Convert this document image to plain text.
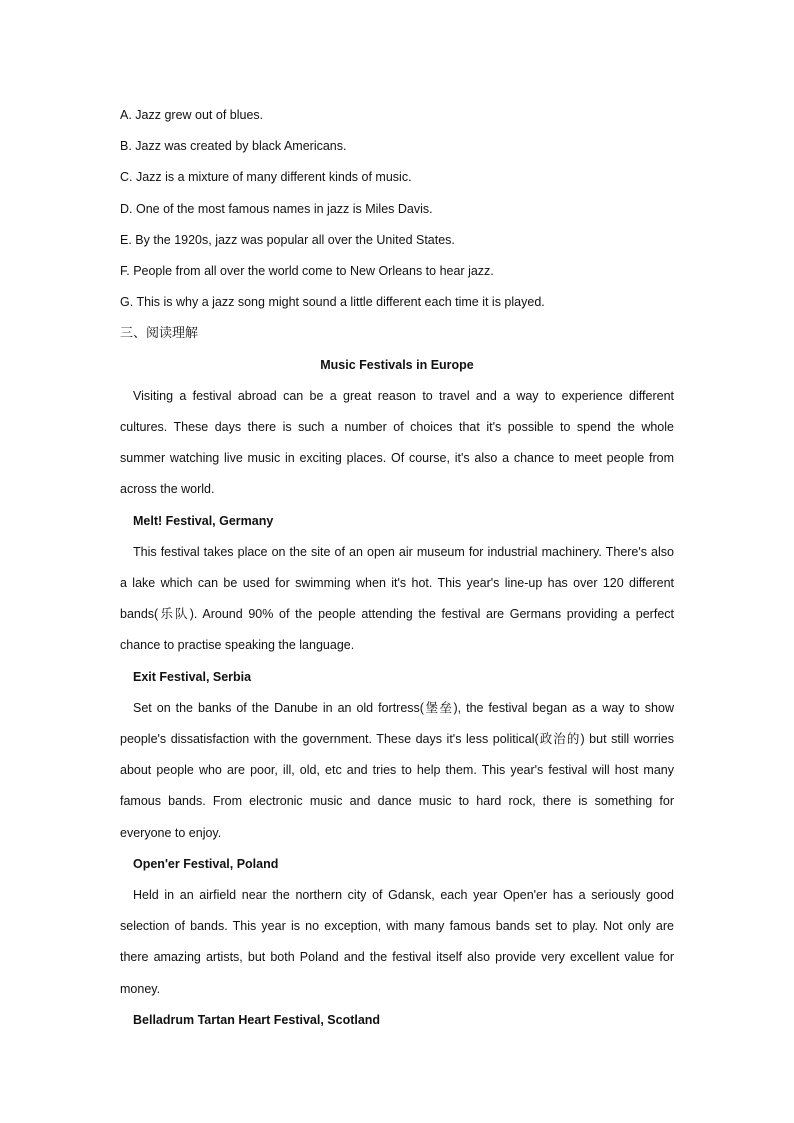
A. Jazz grew out of blues.

B. Jazz was created by black Americans.

C. Jazz is a mixture of many different kinds of music.

D. One of the most famous names in jazz is Miles Davis.

E. By the 1920s, jazz was popular all over the United States.

F. People from all over the world come to New Orleans to hear jazz.

G. This is why a jazz song might sound a little different each time it is played.

三、阅读理解

Music Festivals in Europe

Visiting a festival abroad can be a great reason to travel and a way to experience different cultures. These days there is such a number of choices that it's possible to spend the whole summer watching live music in exciting places. Of course, it's also a chance to meet people from across the world.

Melt! Festival, Germany

This festival takes place on the site of an open air museum for industrial machinery. There's also a lake which can be used for swimming when it's hot. This year's line-up has over 120 different bands(乐队). Around 90% of the people attending the festival are Germans providing a perfect chance to practise speaking the language.

Exit Festival, Serbia

Set on the banks of the Danube in an old fortress(堡垒), the festival began as a way to show people's dissatisfaction with the government. These days it's less political(政治的) but still worries about people who are poor, ill, old, etc and tries to help them. This year's festival will host many famous bands. From electronic music and dance music to hard rock, there is something for everyone to enjoy.

Open'er Festival, Poland

Held in an airfield near the northern city of Gdansk, each year Open'er has a seriously good selection of bands. This year is no exception, with many famous bands set to play. Not only are there amazing artists, but both Poland and the festival itself also provide very excellent value for money.

Belladrum Tartan Heart Festival, Scotland
